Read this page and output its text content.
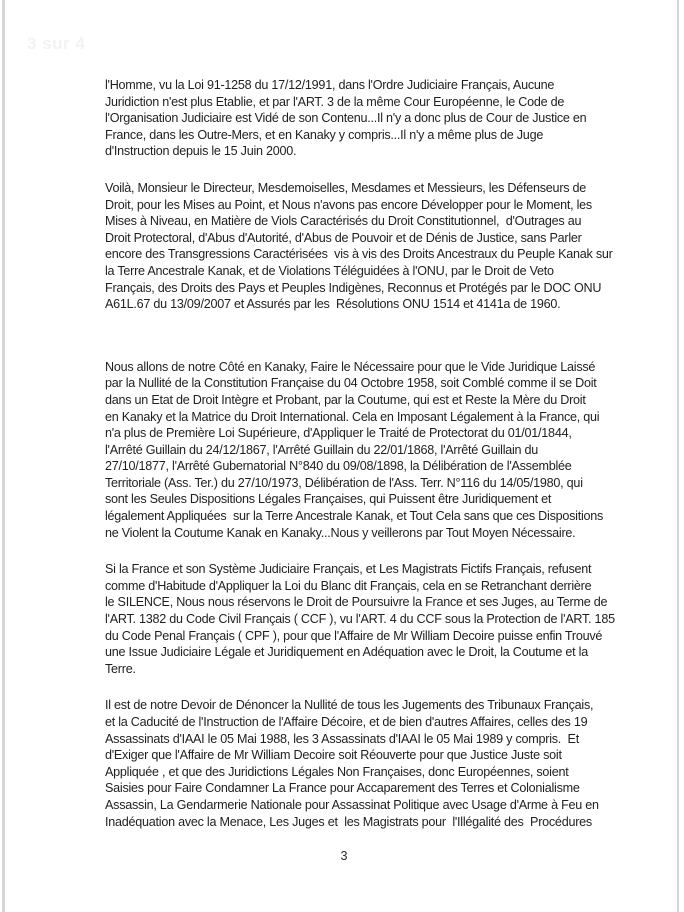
3 sur 4

l'Homme, vu la Loi 91-1258 du 17/12/1991, dans l'Ordre Judiciaire Français, Aucune
Juridiction n'est plus Etablie, et par l'ART. 3 de la même Cour Européenne, le Code de
l'Organisation Judiciaire est Vidé de son Contenu...Il n'y a donc plus de Cour de Justice en
France, dans les Outre-Mers, et en Kanaky y compris...Il n'y a même plus de Juge
d'Instruction depuis le 15 Juin 2000.

Voilà, Monsieur le Directeur, Mesdemoiselles, Mesdames et Messieurs, les Défenseurs de
Droit, pour les Mises au Point, et Nous n'avons pas encore Développer pour le Moment, les
Mises à Niveau, en Matière de Viols Caractérisés du Droit Constitutionnel,  d'Outrages au
Droit Protectoral, d'Abus d'Autorité, d'Abus de Pouvoir et de Dénis de Justice, sans Parler
encore des Transgressions Caractérisées  vis à vis des Droits Ancestraux du Peuple Kanak sur
la Terre Ancestrale Kanak, et de Violations Téléguidées à l'ONU, par le Droit de Veto
Français, des Droits des Pays et Peuples Indigènes, Reconnus et Protégés par le DOC ONU
A61L.67 du 13/09/2007 et Assurés par les  Résolutions ONU 1514 et 4141a de 1960.

Nous allons de notre Côté en Kanaky, Faire le Nécessaire pour que le Vide Juridique Laissé
par la Nullité de la Constitution Française du 04 Octobre 1958, soit Comblé comme il se Doit
dans un Etat de Droit Intègre et Probant, par la Coutume, qui est et Reste la Mère du Droit
en Kanaky et la Matrice du Droit International. Cela en Imposant Légalement à la France, qui
n'a plus de Première Loi Supérieure, d'Appliquer le Traité de Protectorat du 01/01/1844,
l'Arrêté Guillain du 24/12/1867, l'Arrêté Guillain du 22/01/1868, l'Arrêté Guillain du
27/10/1877, l'Arrêté Gubernatorial N°840 du 09/08/1898, la Délibération de l'Assemblée
Territoriale (Ass. Ter.) du 27/10/1973, Délibération de l'Ass. Terr. N°116 du 14/05/1980, qui
sont les Seules Dispositions Légales Françaises, qui Puissent être Juridiquement et
légalement Appliquées  sur la Terre Ancestrale Kanak, et Tout Cela sans que ces Dispositions
ne Violent la Coutume Kanak en Kanaky...Nous y veillerons par Tout Moyen Nécessaire.

Si la France et son Système Judiciaire Français, et Les Magistrats Fictifs Français, refusent
comme d'Habitude d'Appliquer la Loi du Blanc dit Français, cela en se Retranchant derrière
le SILENCE, Nous nous réservons le Droit de Poursuivre la France et ses Juges, au Terme de
l'ART. 1382 du Code Civil Français ( CCF ), vu l'ART. 4 du CCF sous la Protection de l'ART. 185
du Code Penal Français ( CPF ), pour que l'Affaire de Mr William Decoire puisse enfin Trouvé
une Issue Judiciaire Légale et Juridiquement en Adéquation avec le Droit, la Coutume et la
Terre.

Il est de notre Devoir de Dénoncer la Nullité de tous les Jugements des Tribunaux Français,
et la Caducité de l'Instruction de l'Affaire Décoire, et de bien d'autres Affaires, celles des 19
Assassinats d'IAAI le 05 Mai 1988, les 3 Assassinats d'IAAI le 05 Mai 1989 y compris.  Et
d'Exiger que l'Affaire de Mr William Decoire soit Réouverte pour que Justice Juste soit
Appliquée , et que des Juridictions Légales Non Françaises, donc Européennes, soient
Saisies pour Faire Condamner La France pour Accaparement des Terres et Colonialisme
Assassin, La Gendarmerie Nationale pour Assassinat Politique avec Usage d'Arme à Feu en
Inadéquation avec la Menace, Les Juges et  les Magistrats pour  l'Illégalité des  Procédures

3
